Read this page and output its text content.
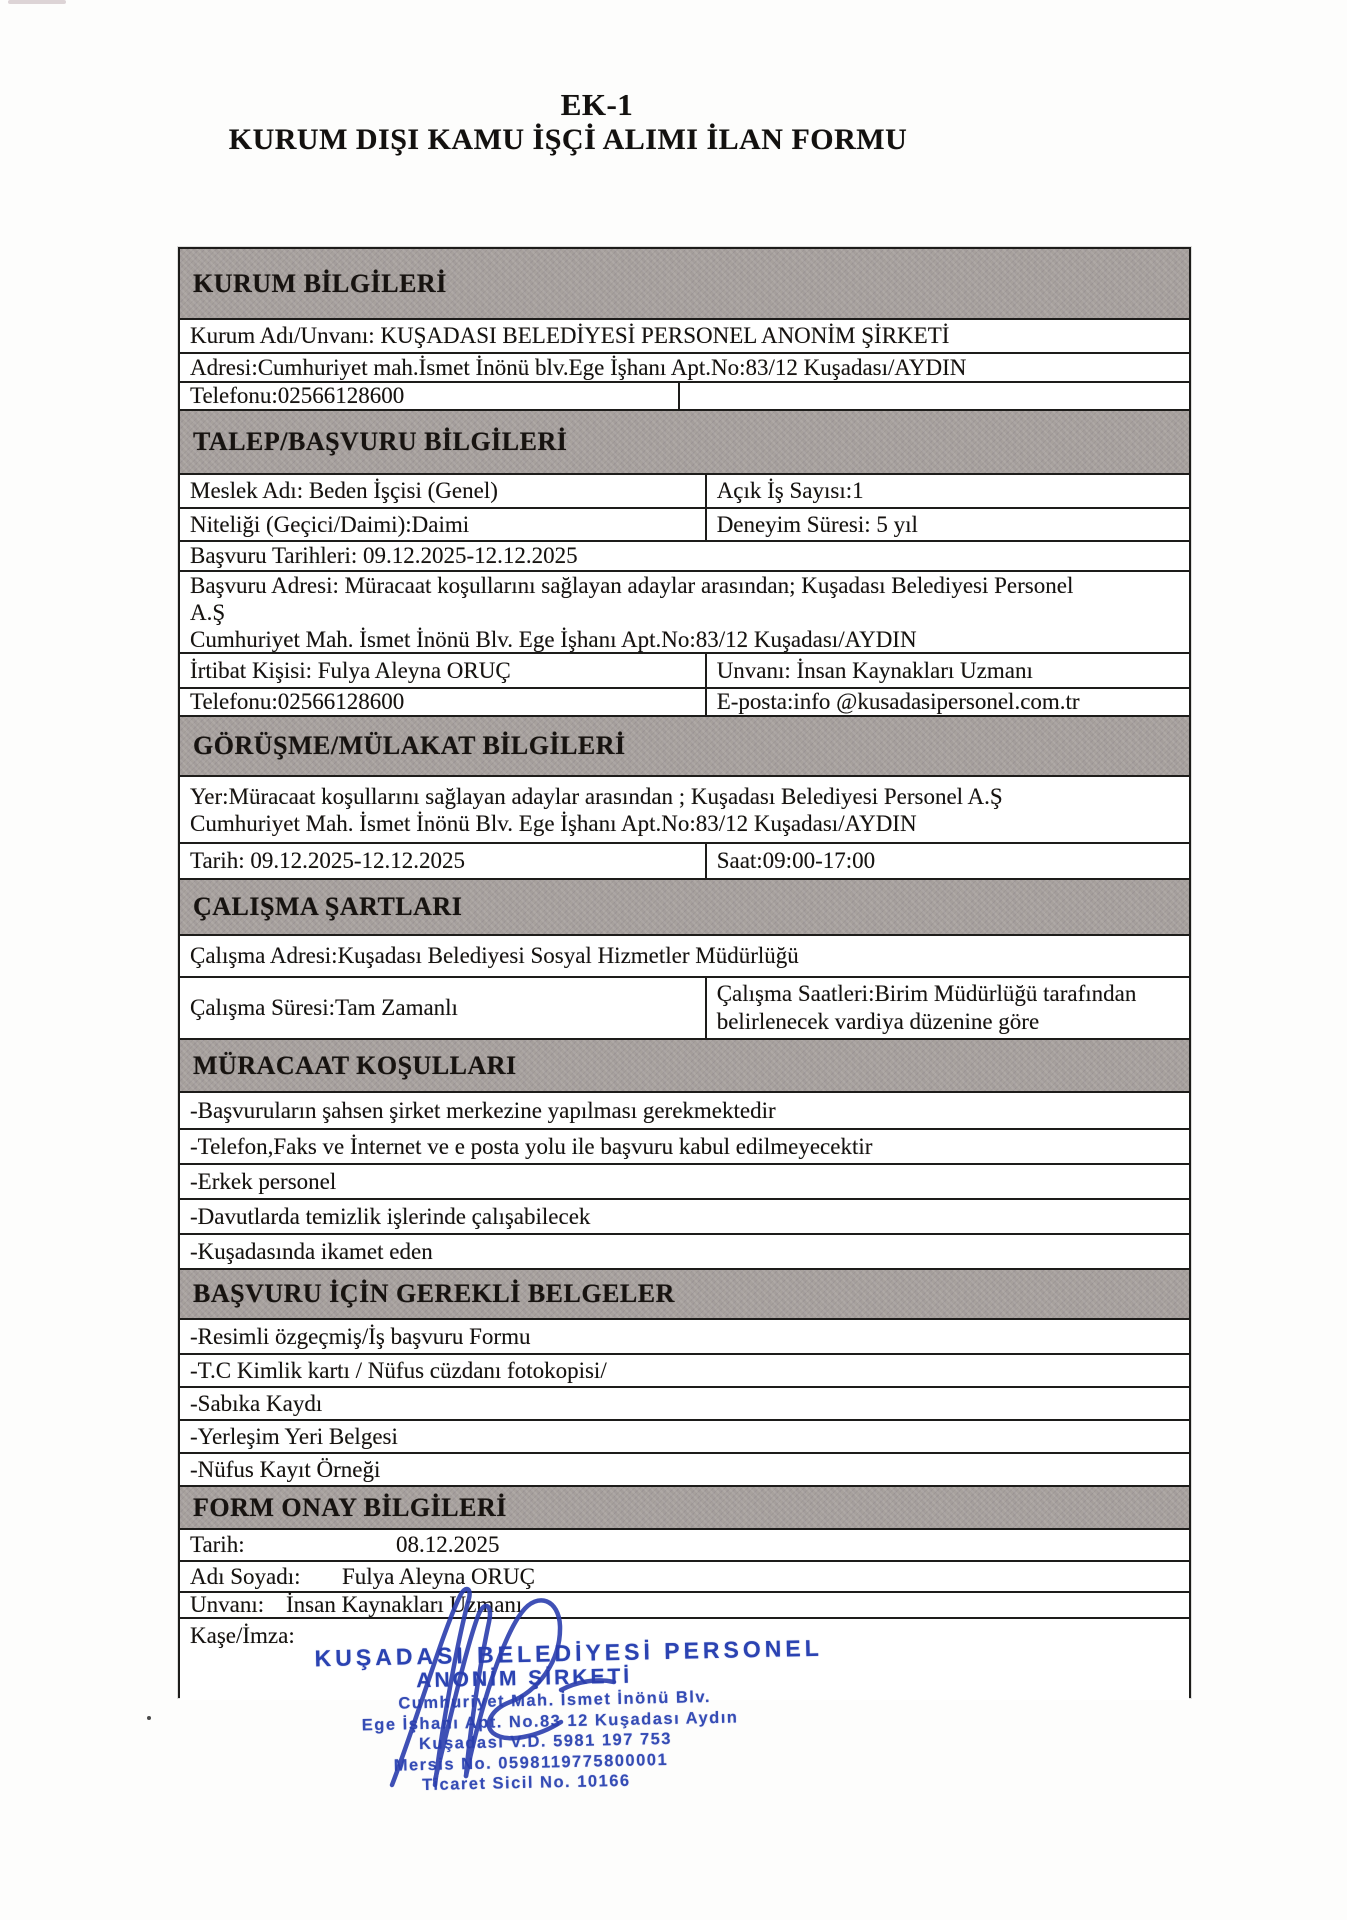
EK-1
KURUM DIŞI KAMU İŞÇİ ALIMI İLAN FORMU
KURUM BİLGİLERİ
Kurum Adı/Unvanı: KUŞADASI BELEDİYESİ PERSONEL ANONİM ŞİRKETİ
Adresi:Cumhuriyet mah.İsmet İnönü blv.Ege İşhanı Apt.No:83/12 Kuşadası/AYDIN
Telefonu:02566128600
TALEP/BAŞVURU BİLGİLERİ
Meslek Adı: Beden İşçisi (Genel)	Açık İş Sayısı:1
Niteliği (Geçici/Daimi):Daimi	Deneyim Süresi: 5 yıl
Başvuru Tarihleri: 09.12.2025-12.12.2025
Başvuru Adresi: Müracaat koşullarını sağlayan adaylar arasından; Kuşadası Belediyesi Personel
A.Ş
Cumhuriyet Mah. İsmet İnönü Blv. Ege İşhanı Apt.No:83/12 Kuşadası/AYDIN
İrtibat Kişisi: Fulya Aleyna ORUÇ	Unvanı: İnsan Kaynakları Uzmanı
Telefonu:02566128600	E-posta:info @kusadasipersonel.com.tr
GÖRÜŞME/MÜLAKAT BİLGİLERİ
Yer:Müracaat koşullarını sağlayan adaylar arasından ; Kuşadası Belediyesi Personel A.Ş
Cumhuriyet Mah. İsmet İnönü Blv. Ege İşhanı Apt.No:83/12 Kuşadası/AYDIN
Tarih: 09.12.2025-12.12.2025	Saat:09:00-17:00
ÇALIŞMA ŞARTLARI
Çalışma Adresi:Kuşadası Belediyesi Sosyal Hizmetler Müdürlüğü
Çalışma Süresi:Tam Zamanlı
Çalışma Saatleri:Birim Müdürlüğü tarafından belirlenecek vardiya düzenine göre
MÜRACAAT KOŞULLARI
-Başvuruların şahsen şirket merkezine yapılması gerekmektedir
-Telefon,Faks ve İnternet ve e posta yolu ile başvuru kabul edilmeyecektir
-Erkek personel
-Davutlarda temizlik işlerinde çalışabilecek
-Kuşadasında ikamet eden
BAŞVURU İÇİN GEREKLİ BELGELER
-Resimli özgeçmiş/İş başvuru Formu
-T.C Kimlik kartı / Nüfus cüzdanı fotokopisi/
-Sabıka Kaydı
-Yerleşim Yeri Belgesi
-Nüfus Kayıt Örneği
FORM ONAY BİLGİLERİ
Tarih:	08.12.2025
Adı Soyadı:	Fulya Aleyna ORUÇ
Unvanı: İnsan Kaynakları Uzmanı
Kaşe/İmza: KUŞADASI BELEDİYESİ PERSONEL
ANONİM ŞİRKETİ
Cumhuriyet Mah. İsmet İnönü Blv.
Ege İşhanı Apt. No.83 12 Kuşadası Aydın
Kuşadası V.D. 5981 197 753
Mersis No. 0598119775800001
Ticaret Sicil No. 10166
